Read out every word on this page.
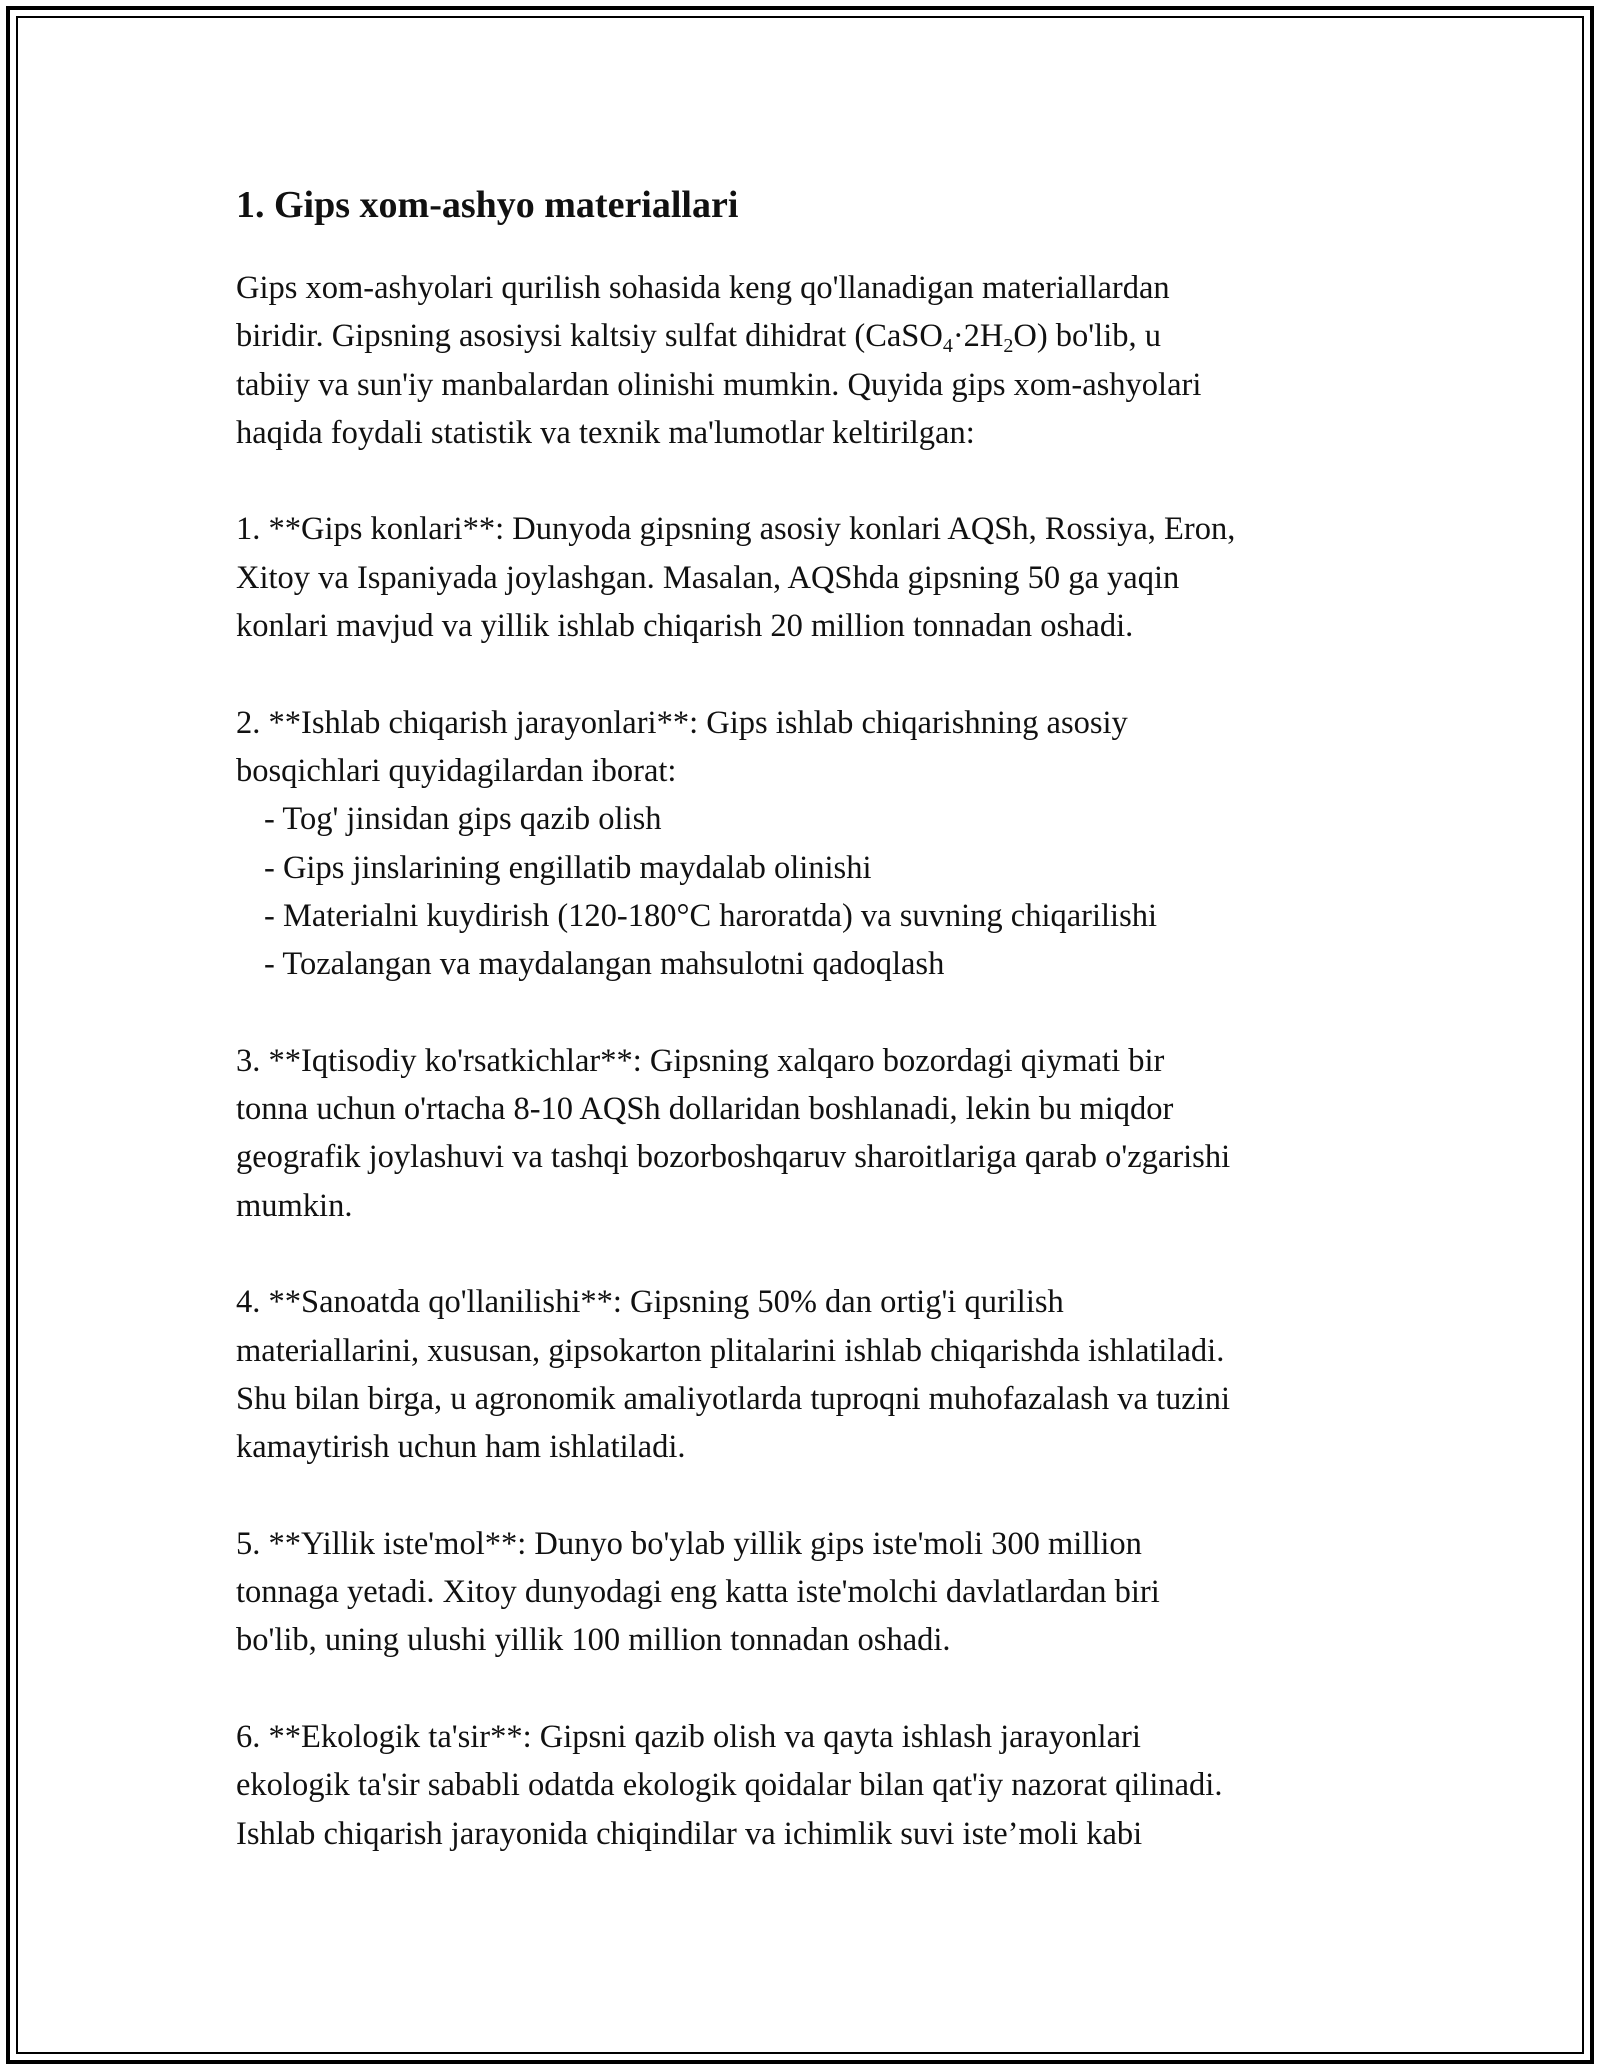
1. Gips xom-ashyo materiallari
Gips xom-ashyolari qurilish sohasida keng qo'llanadigan materiallardan
biridir. Gipsning asosiysi kaltsiy sulfat dihidrat $(CaSO_4\cdot 2H_2O)$ bo'lib, u
tabiiy va sun'iy manbalardan olinishi mumkin. Quyida gips xom-ashyolari
haqida foydali statistik va texnik ma'lumotlar keltirilgan:
1. **Gips konlari**: Dunyoda gipsning asosiy konlari AQSh, Rossiya, Eron,
Xitoy va Ispaniyada joylashgan. Masalan, AQShda gipsning 50 ga yaqin
konlari mavjud va yillik ishlab chiqarish 20 million tonnadan oshadi.
2. **Ishlab chiqarish jarayonlari**: Gips ishlab chiqarishning asosiy
bosqichlari quyidagilardan iborat:
- Tog' jinsidan gips qazib olish
- Gips jinslarining engillatib maydalab olinishi
- Materialni kuydirish (120-180°C haroratda) va suvning chiqarilishi
- Tozalangan va maydalangan mahsulotni qadoqlash
3. **Iqtisodiy ko'rsatkichlar**: Gipsning xalqaro bozordagi qiymati bir
tonna uchun o'rtacha 8-10 AQSh dollaridan boshlanadi, lekin bu miqdor
geografik joylashuvi va tashqi bozorboshqaruv sharoitlariga qarab o'zgarishi
mumkin.
4. **Sanoatda qo'llanilishi**: Gipsning 50% dan ortig'i qurilish
materiallarini, xususan, gipsokarton plitalarini ishlab chiqarishda ishlatiladi.
Shu bilan birga, u agronomik amaliyotlarda tuproqni muhofazalash va tuzini
kamaytirish uchun ham ishlatiladi.
5. **Yillik iste'mol**: Dunyo bo'ylab yillik gips iste'moli 300 million
tonnaga yetadi. Xitoy dunyodagi eng katta iste'molchi davlatlardan biri
bo'lib, uning ulushi yillik 100 million tonnadan oshadi.
6. **Ekologik ta'sir**: Gipsni qazib olish va qayta ishlash jarayonlari
ekologik ta'sir sababli odatda ekologik qoidalar bilan qat'iy nazorat qilinadi.
Ishlab chiqarish jarayonida chiqindilar va ichimlik suvi iste’moli kabi
